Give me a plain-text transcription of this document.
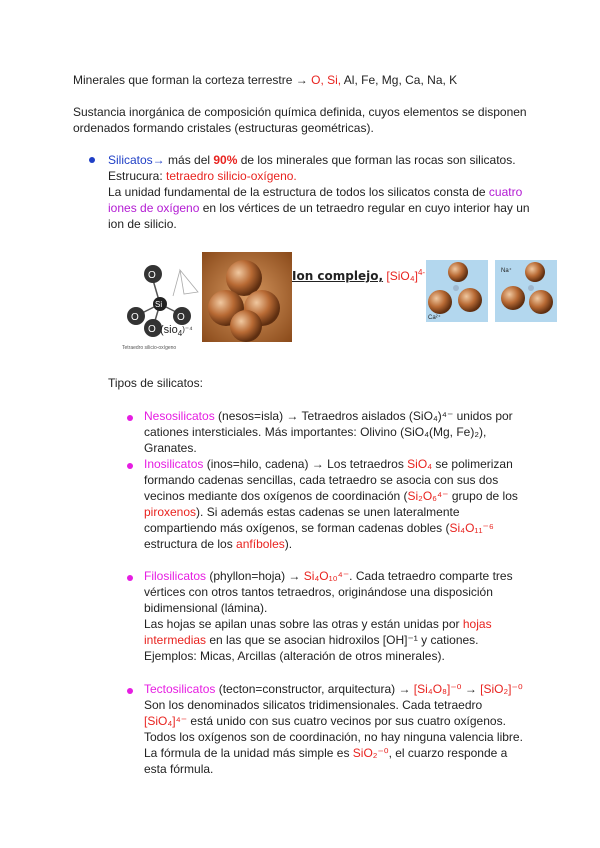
Minerales que forman la corteza terrestre → O, Si, Al, Fe, Mg, Ca, Na, K
Sustancia inorgánica de composición química definida, cuyos elementos se disponen ordenados formando cristales (estructuras geométricas).
Silicatos→ más del 90% de los minerales que forman las rocas son silicatos.
Estrucura: tetraedro silicio-oxígeno.
La unidad fundamental de la estructura de todos los silicatos consta de cuatro iones de oxígeno en los vértices de un tetraedro regular en cuyo interior hay un ion de silicio.
O
Si
O	O
O (sio$_4^{)^{-4}}$
Tetraedro silicio-oxígeno
Ion complejo, $[SiO_4]^{4-}$
Ca²⁺
Na⁺
Tipos de silicatos:
Nesosilicatos (nesos=isla) → Tetraedros aislados (SiO₄)⁴⁻ unidos por cationes intersticiales. Más importantes: Olivino (SiO₄(Mg, Fe)₂), Granates.
Inosilicatos (inos=hilo, cadena) → Los tetraedros SiO₄ se polimerizan formando cadenas sencillas, cada tetraedro se asocia con sus dos vecinos mediante dos oxígenos de coordinación (Si₂O₆⁴⁻ grupo de los piroxenos). Si además estas cadenas se unen lateralmente compartiendo más oxígenos, se forman cadenas dobles (Si₄O₁₁⁻⁶ estructura de los anfíboles).
Filosilicatos (phyllon=hoja) → Si₄O₁₀⁴⁻. Cada tetraedro comparte tres vértices con otros tantos tetraedros, originándose una disposición bidimensional (lámina).
Las hojas se apilan unas sobre las otras y están unidas por hojas intermedias en las que se asocian hidroxilos [OH]⁻¹ y cationes.
Ejemplos: Micas, Arcillas (alteración de otros minerales).
Tectosilicatos (tecton=constructor, arquitectura) → [Si₄O₈]⁻⁰ → [SiO₂]⁻⁰
Son los denominados silicatos tridimensionales. Cada tetraedro [SiO₄]⁴⁻ está unido con sus cuatro vecinos por sus cuatro oxígenos. Todos los oxígenos son de coordinación, no hay ninguna valencia libre.
La fórmula de la unidad más simple es SiO₂⁻⁰, el cuarzo responde a esta fórmula.
